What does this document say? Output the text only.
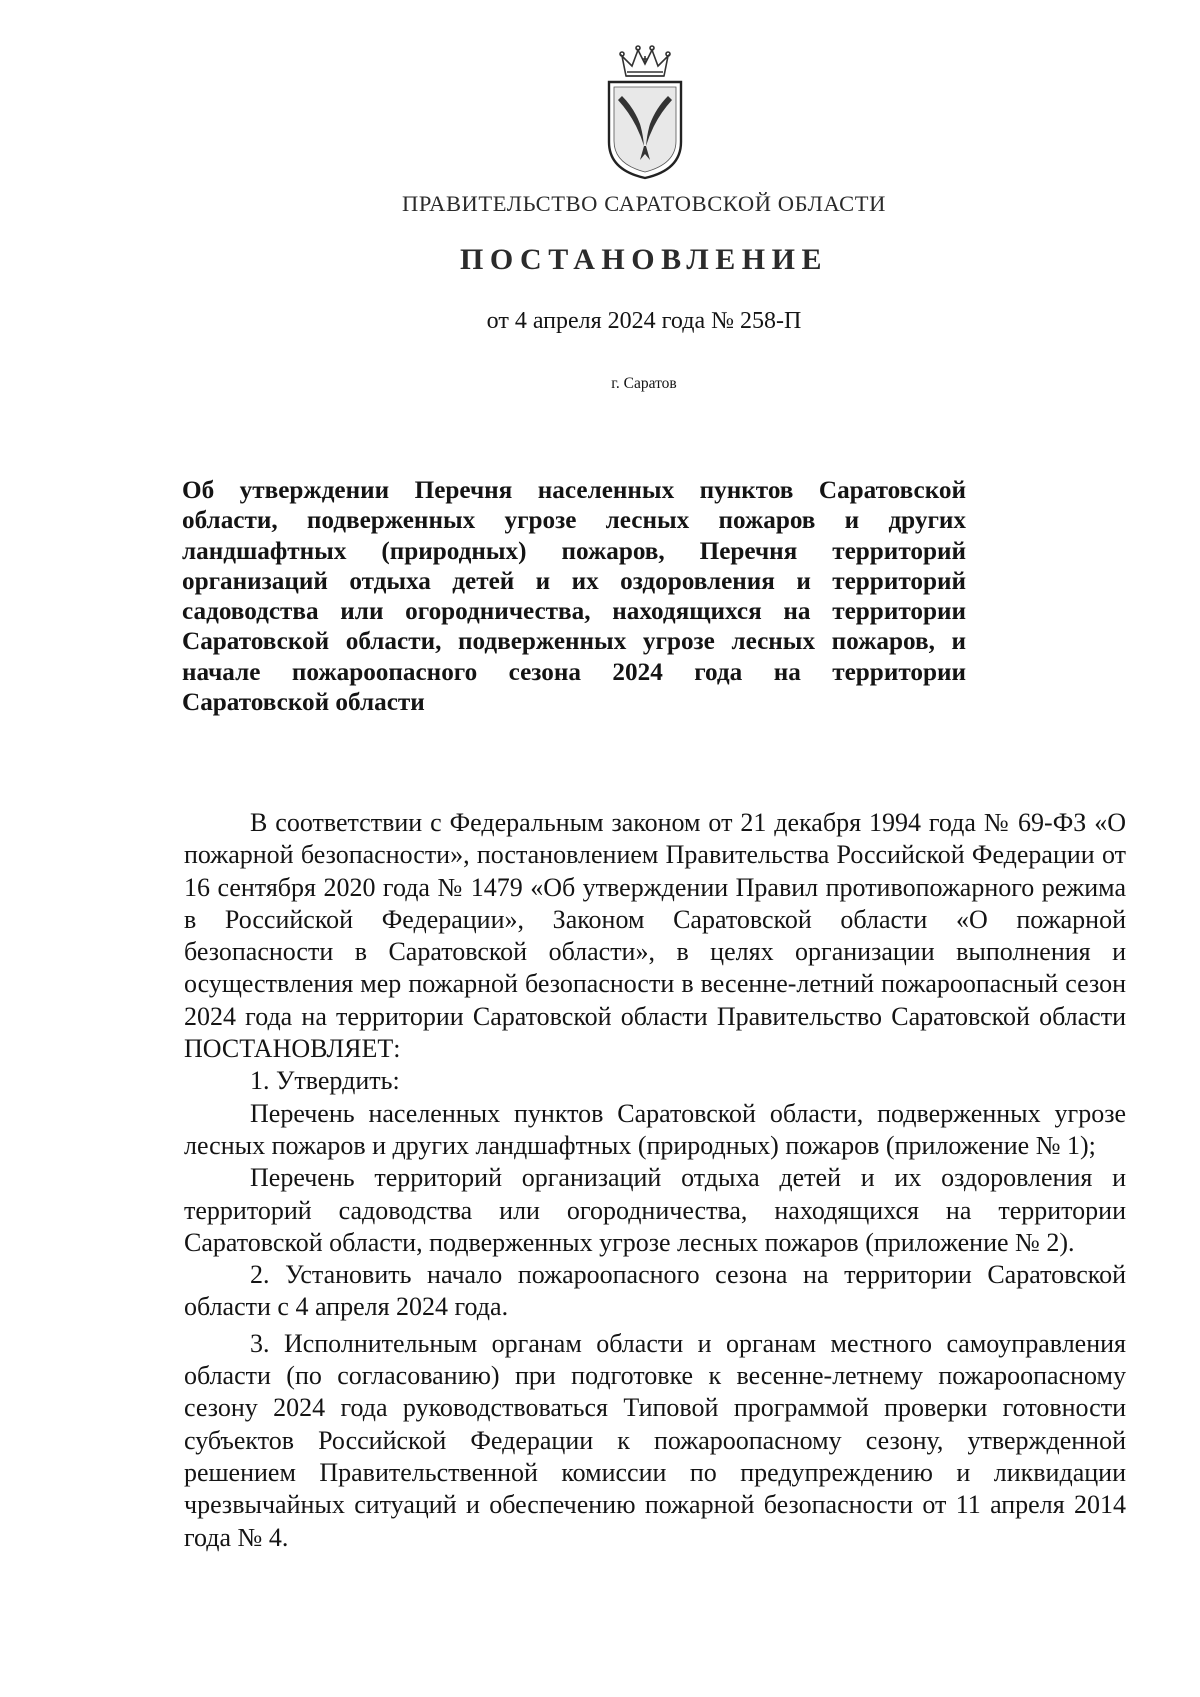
ПРАВИТЕЛЬСТВО САРАТОВСКОЙ ОБЛАСТИ
ПОСТАНОВЛЕНИЕ
от 4 апреля 2024 года № 258-П
г. Саратов

Об утверждении Перечня населенных пунктов Саратовской области, подверженных угрозе лесных пожаров и других ландшафтных (природных) пожаров, Перечня территорий организаций отдыха детей и их оздоровления и территорий садоводства или огородничества, находящихся на территории Саратовской области, подверженных угрозе лесных пожаров, и начале пожароопасного сезона 2024 года на территории Саратовской области

В соответствии с Федеральным законом от 21 декабря 1994 года № 69-ФЗ «О пожарной безопасности», постановлением Правительства Российской Федерации от 16 сентября 2020 года № 1479 «Об утверждении Правил противопожарного режима в Российской Федерации», Законом Саратовской области «О пожарной безопасности в Саратовской области», в целях организации выполнения и осуществления мер пожарной безопасности в весенне-летний пожароопасный сезон 2024 года на территории Саратовской области Правительство Саратовской области ПОСТАНОВЛЯЕТ:

1. Утвердить:

Перечень населенных пунктов Саратовской области, подверженных угрозе лесных пожаров и других ландшафтных (природных) пожаров (приложение № 1);

Перечень территорий организаций отдыха детей и их оздоровления и территорий садоводства или огородничества, находящихся на территории Саратовской области, подверженных угрозе лесных пожаров (приложение № 2).

2. Установить начало пожароопасного сезона на территории Саратовской области с 4 апреля 2024 года.

3. Исполнительным органам области и органам местного самоуправления области (по согласованию) при подготовке к весенне-летнему пожароопасному сезону 2024 года руководствоваться Типовой программой проверки готовности субъектов Российской Федерации к пожароопасному сезону, утвержденной решением Правительственной комиссии по предупреждению и ликвидации чрезвычайных ситуаций и обеспечению пожарной безопасности от 11 апреля 2014 года № 4.
